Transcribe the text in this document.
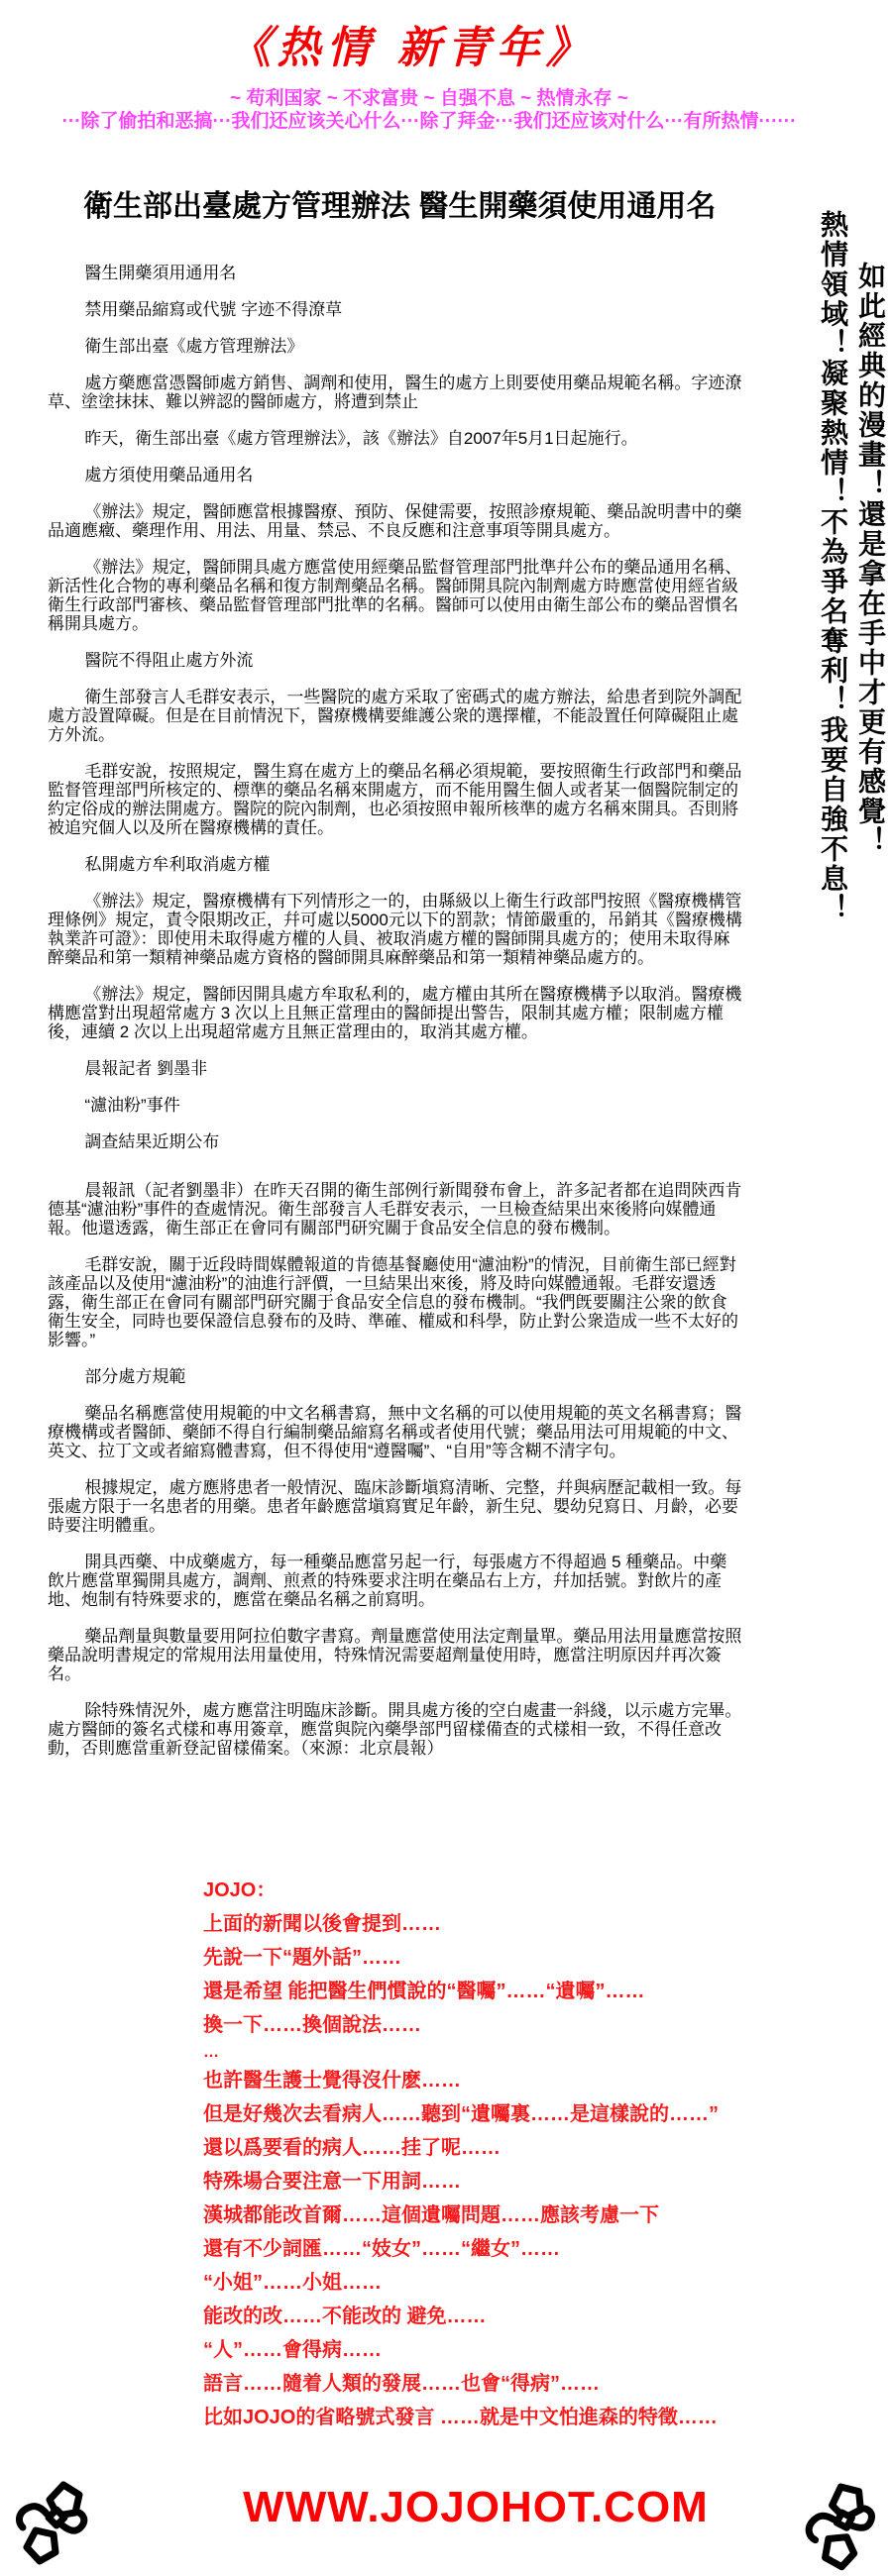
《热情 新青年》
~ 苟利国家 ~ 不求富贵 ~ 自强不息 ~ 热情永存 ~
···除了偷拍和恶搞···我们还应该关心什么···除了拜金···我们还应该对什么···有所热情······
衛生部出臺處方管理辦法 醫生開藥須使用通用名
熱情領域！凝聚熱情！不為爭名奪利！我要自強不息！ 如此經典的漫畫！還是拿在手中才更有感覺！

醫生開藥須用通用名

禁用藥品縮寫或代號 字迹不得潦草

衛生部出臺《處方管理辦法》

處方藥應當憑醫師處方銷售、調劑和使用，醫生的處方上則要使用藥品規範名稱。字迹潦草、塗塗抹抹、難以辨認的醫師處方，將遭到禁止

昨天，衛生部出臺《處方管理辦法》，該《辦法》自2007年5月1日起施行。

處方須使用藥品通用名

《辦法》規定，醫師應當根據醫療、預防、保健需要，按照診療規範、藥品說明書中的藥品適應癥、藥理作用、用法、用量、禁忌、不良反應和注意事項等開具處方。

《辦法》規定，醫師開具處方應當使用經藥品監督管理部門批準幷公布的藥品通用名稱、新活性化合物的專利藥品名稱和復方制劑藥品名稱。醫師開具院內制劑處方時應當使用經省級衛生行政部門審核、藥品監督管理部門批準的名稱。醫師可以使用由衛生部公布的藥品習慣名稱開具處方。

醫院不得阻止處方外流

衛生部發言人毛群安表示，一些醫院的處方采取了密碼式的處方辦法，給患者到院外調配處方設置障礙。但是在目前情況下，醫療機構要維護公衆的選擇權，不能設置任何障礙阻止處方外流。

毛群安說，按照規定，醫生寫在處方上的藥品名稱必須規範，要按照衛生行政部門和藥品監督管理部門所核定的、標準的藥品名稱來開處方，而不能用醫生個人或者某一個醫院制定的約定俗成的辦法開處方。醫院的院內制劑，也必須按照申報所核準的處方名稱來開具。否則將被追究個人以及所在醫療機構的責任。

私開處方牟利取消處方權

《辦法》規定，醫療機構有下列情形之一的，由縣級以上衛生行政部門按照《醫療機構管理條例》規定，責令限期改正，幷可處以5000元以下的罰款；情節嚴重的，吊銷其《醫療機構執業許可證》：即使用未取得處方權的人員、被取消處方權的醫師開具處方的；使用未取得麻醉藥品和第一類精神藥品處方資格的醫師開具麻醉藥品和第一類精神藥品處方的。

《辦法》規定，醫師因開具處方牟取私利的，處方權由其所在醫療機構予以取消。醫療機構應當對出現超常處方 3 次以上且無正當理由的醫師提出警告，限制其處方權；限制處方權後，連續 2 次以上出現超常處方且無正當理由的，取消其處方權。

晨報記者 劉墨非

“濾油粉”事件

調查結果近期公布

晨報訊（記者劉墨非）在昨天召開的衛生部例行新聞發布會上，許多記者都在追問陝西肯德基“濾油粉”事件的查處情況。衛生部發言人毛群安表示，一旦檢查結果出來後將向媒體通報。他還透露，衛生部正在會同有關部門研究關于食品安全信息的發布機制。

毛群安說，關于近段時間媒體報道的肯德基餐廳使用“濾油粉”的情況，目前衛生部已經對該產品以及使用“濾油粉”的油進行評價，一旦結果出來後，將及時向媒體通報。毛群安還透露，衛生部正在會同有關部門研究關于食品安全信息的發布機制。“我們旣要關注公衆的飲食衛生安全，同時也要保證信息發布的及時、準確、權威和科學，防止對公衆造成一些不太好的影響。”

部分處方規範

藥品名稱應當使用規範的中文名稱書寫，無中文名稱的可以使用規範的英文名稱書寫；醫療機構或者醫師、藥師不得自行編制藥品縮寫名稱或者使用代號；藥品用法可用規範的中文、英文、拉丁文或者縮寫體書寫，但不得使用“遵醫囑”、“自用”等含糊不清字句。

根據規定，處方應將患者一般情況、臨床診斷塡寫清晰、完整，幷與病歷記載相一致。每張處方限于一名患者的用藥。患者年齡應當塡寫實足年齡，新生兒、嬰幼兒寫日、月齡，必要時要注明體重。

開具西藥、中成藥處方，每一種藥品應當另起一行，每張處方不得超過 5 種藥品。中藥飲片應當單獨開具處方，調劑、煎煮的特殊要求注明在藥品右上方，幷加括號。對飲片的產地、炮制有特殊要求的，應當在藥品名稱之前寫明。

藥品劑量與數量要用阿拉伯數字書寫。劑量應當使用法定劑量單。藥品用法用量應當按照藥品說明書規定的常規用法用量使用，特殊情況需要超劑量使用時，應當注明原因幷再次簽名。

除特殊情況外，處方應當注明臨床診斷。開具處方後的空白處畫一斜綫，以示處方完畢。處方醫師的簽名式樣和專用簽章，應當與院內藥學部門留樣備查的式樣相一致，不得任意改動，否則應當重新登記留樣備案。（來源：北京晨報）

JOJO：
上面的新聞以後會提到……
先說一下“題外話”……
還是希望 能把醫生們慣說的“醫囑”……“遺囑”……
換一下……換個說法……
…
也許醫生護士覺得沒什麽……
但是好幾次去看病人……聽到“遺囑裏……是這樣說的……”
還以爲要看的病人……挂了呢……
特殊場合要注意一下用詞……
漢城都能改首爾……這個遺囑問題……應該考慮一下
還有不少詞匯……“妓女”……“繼女”……
“小姐”……小姐……
能改的改……不能改的 避免……
“人”……會得病……
語言……隨着人類的發展……也會“得病”……
比如JOJO的省略號式發言 ……就是中文怕進森的特徵……
WWW.JOJOHOT.COM
